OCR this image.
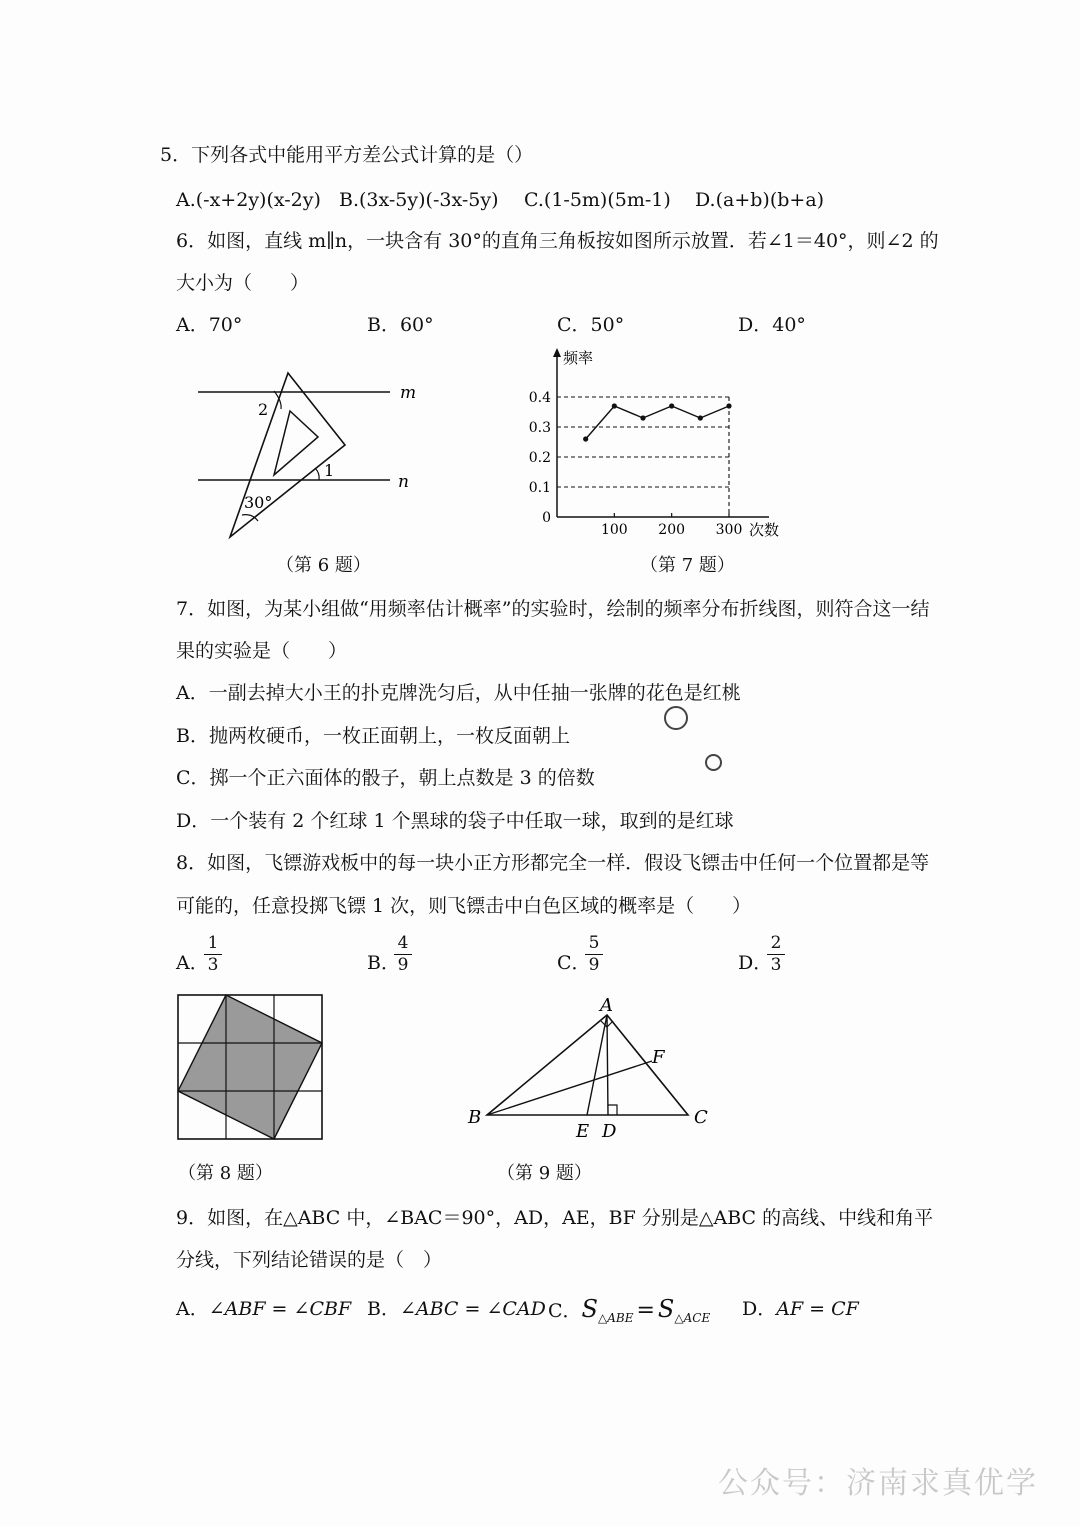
5．下列各式中能用平方差公式计算的是（）
A.(-x+2y)(x-2y) B.(3x-5y)(-3x-5y) C.(1-5m)(5m-1) D.(a+b)(b+a)
6．如图，直线 m∥n，一块含有 30°的直角三角板按如图所示放置．若∠1＝40°，则∠2 的
大小为（　　）
A．70°	B．60°	C．50°	D．40°
m
n
2
1
30°
（第 6 题）
0
0.1
0.2
0.3
0.4
100 200 300
频率
次数
（第 7 题）
7．如图，为某小组做“用频率估计概率”的实验时，绘制的频率分布折线图，则符合这一结
果的实验是（　　）
A．一副去掉大小王的扑克牌洗匀后，从中任抽一张牌的花色是红桃
B．抛两枚硬币，一枚正面朝上，一枚反面朝上
C．掷一个正六面体的骰子，朝上点数是 3 的倍数
D．一个装有 2 个红球 1 个黑球的袋子中任取一球，取到的是红球
8．如图，飞镖游戏板中的每一块小正方形都完全一样．假设飞镖击中任何一个位置都是等
可能的，任意投掷飞镖 1 次，则飞镖击中白色区域的概率是（　　）
A．
1
3	B．
4
9	C．
5
9	D．
2
3
（第 8 题）
A
B	C
D
E
F
（第 9 题）
9．如图，在△ABC 中，∠BAC＝90°，AD，AE，BF 分别是△ABC 的高线、中线和角平
分线，下列结论错误的是（　）
A．∠ABF = ∠CBF B．∠ABC = ∠CAD C．$S_{\triangle ABE} = S_{\triangle ACE}$ D．AF = CF
公众号：济南求真优学
